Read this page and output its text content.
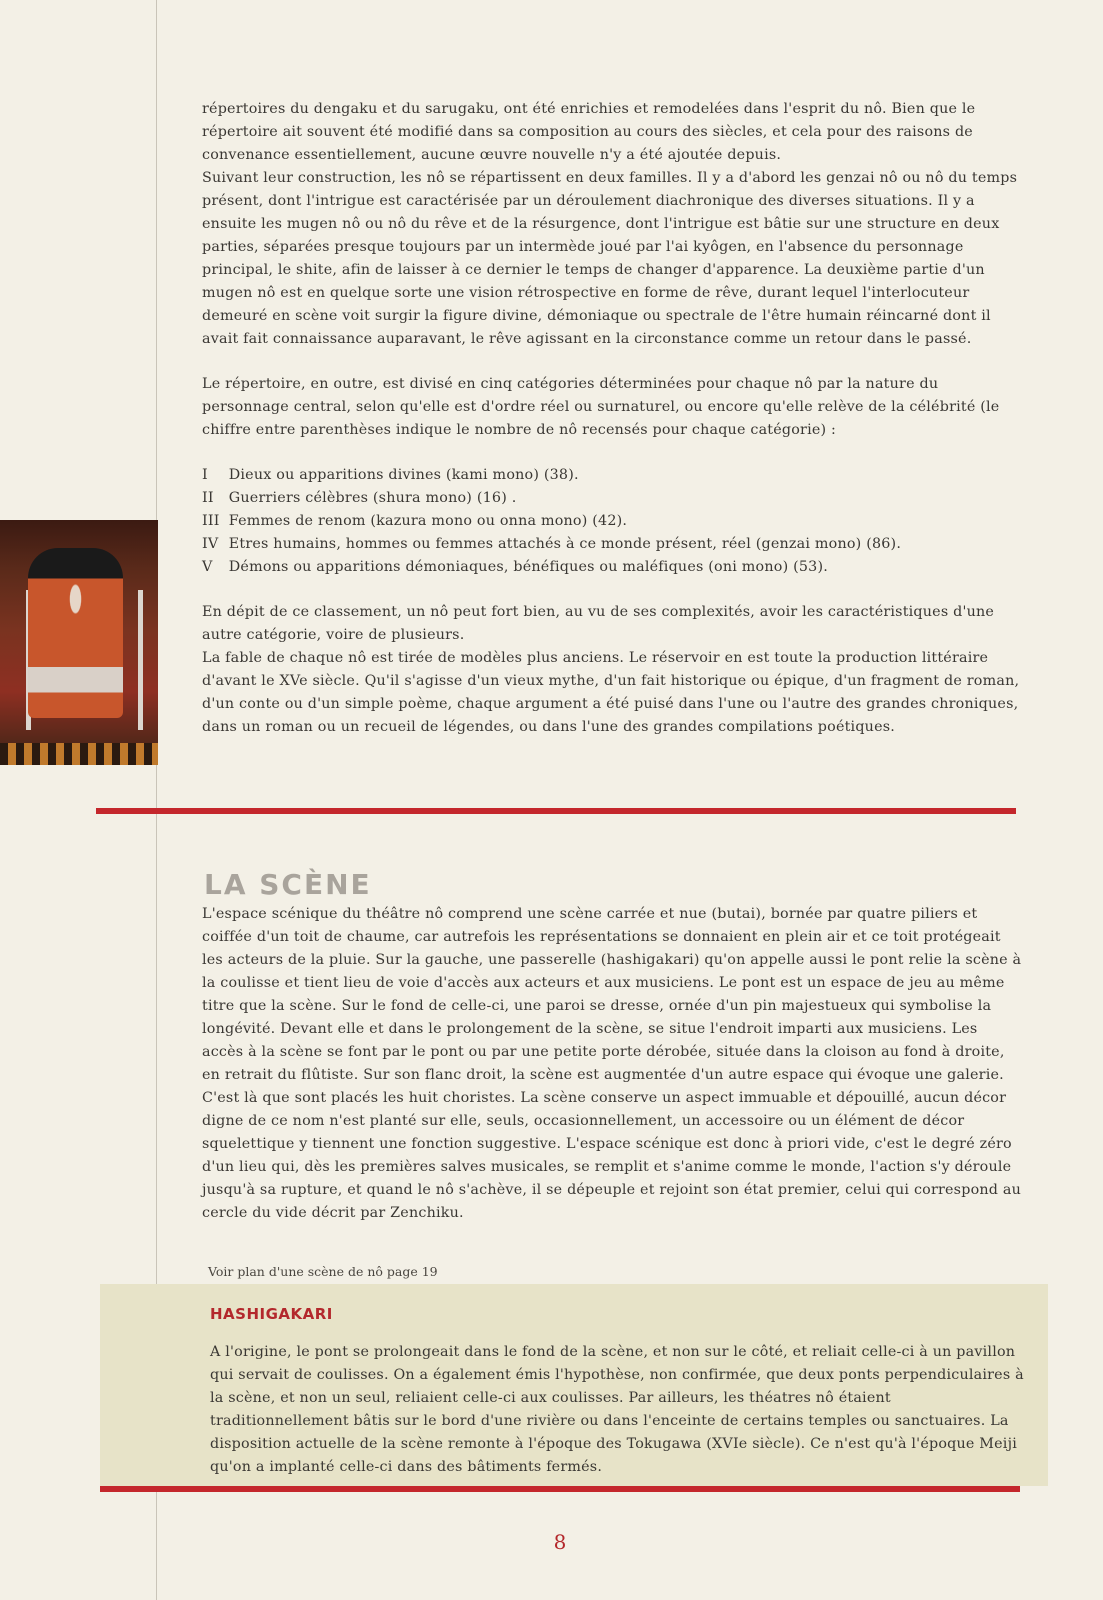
répertoires du dengaku et du sarugaku, ont été enrichies et remodelées dans l'esprit du nô. Bien que le répertoire ait souvent été modifié dans sa composition au cours des siècles, et cela pour des raisons de convenance essentiellement, aucune œuvre nouvelle n'y a été ajoutée depuis.

Suivant leur construction, les nô se répartissent en deux familles. Il y a d'abord les genzai nô ou nô du temps présent, dont l'intrigue est caractérisée par un déroulement diachronique des diverses situations. Il y a ensuite les mugen nô ou nô du rêve et de la résurgence, dont l'intrigue est bâtie sur une structure en deux parties, séparées presque toujours par un intermède joué par l'ai kyôgen, en l'absence du personnage principal, le shite, afin de laisser à ce dernier le temps de changer d'apparence. La deuxième partie d'un mugen nô est en quelque sorte une vision rétrospective en forme de rêve, durant lequel l'interlocuteur demeuré en scène voit surgir la figure divine, démoniaque ou spectrale de l'être humain réincarné dont il avait fait connaissance auparavant, le rêve agissant en la circonstance comme un retour dans le passé.

Le répertoire, en outre, est divisé en cinq catégories déterminées pour chaque nô par la nature du personnage central, selon qu'elle est d'ordre réel ou surnaturel, ou encore qu'elle relève de la célébrité (le chiffre entre parenthèses indique le nombre de nô recensés pour chaque catégorie) :

I Dieux ou apparitions divines (kami mono) (38).
II Guerriers célèbres (shura mono) (16) .
III Femmes de renom (kazura mono ou onna mono) (42).
IV Etres humains, hommes ou femmes attachés à ce monde présent, réel (genzai mono) (86).
V Démons ou apparitions démoniaques, bénéfiques ou maléfiques (oni mono) (53).

En dépit de ce classement, un nô peut fort bien, au vu de ses complexités, avoir les caractéristiques d'une autre catégorie, voire de plusieurs.

La fable de chaque nô est tirée de modèles plus anciens. Le réservoir en est toute la production littéraire d'avant le XVe siècle. Qu'il s'agisse d'un vieux mythe, d'un fait historique ou épique, d'un fragment de roman, d'un conte ou d'un simple poème, chaque argument a été puisé dans l'une ou l'autre des grandes chroniques, dans un roman ou un recueil de légendes, ou dans l'une des grandes compilations poétiques.

LA SCÈNE

L'espace scénique du théâtre nô comprend une scène carrée et nue (butai), bornée par quatre piliers et coiffée d'un toit de chaume, car autrefois les représentations se donnaient en plein air et ce toit protégeait les acteurs de la pluie. Sur la gauche, une passerelle (hashigakari) qu'on appelle aussi le pont relie la scène à la coulisse et tient lieu de voie d'accès aux acteurs et aux musiciens. Le pont est un espace de jeu au même titre que la scène. Sur le fond de celle-ci, une paroi se dresse, ornée d'un pin majestueux qui symbolise la longévité. Devant elle et dans le prolongement de la scène, se situe l'endroit imparti aux musiciens. Les accès à la scène se font par le pont ou par une petite porte dérobée, située dans la cloison au fond à droite, en retrait du flûtiste. Sur son flanc droit, la scène est augmentée d'un autre espace qui évoque une galerie. C'est là que sont placés les huit choristes. La scène conserve un aspect immuable et dépouillé, aucun décor digne de ce nom n'est planté sur elle, seuls, occasionnellement, un accessoire ou un élément de décor squelettique y tiennent une fonction suggestive. L'espace scénique est donc à priori vide, c'est le degré zéro d'un lieu qui, dès les premières salves musicales, se remplit et s'anime comme le monde, l'action s'y déroule jusqu'à sa rupture, et quand le nô s'achève, il se dépeuple et rejoint son état premier, celui qui correspond au cercle du vide décrit par Zenchiku.

Voir plan d'une scène de nô page 19
HASHIGAKARI

A l'origine, le pont se prolongeait dans le fond de la scène, et non sur le côté, et reliait celle-ci à un pavillon qui servait de coulisses. On a également émis l'hypothèse, non confirmée, que deux ponts perpendiculaires à la scène, et non un seul, reliaient celle-ci aux coulisses. Par ailleurs, les théatres nô étaient traditionnellement bâtis sur le bord d'une rivière ou dans l'enceinte de certains temples ou sanctuaires. La disposition actuelle de la scène remonte à l'époque des Tokugawa (XVIe siècle). Ce n'est qu'à l'époque Meiji qu'on a implanté celle-ci dans des bâtiments fermés.

8
